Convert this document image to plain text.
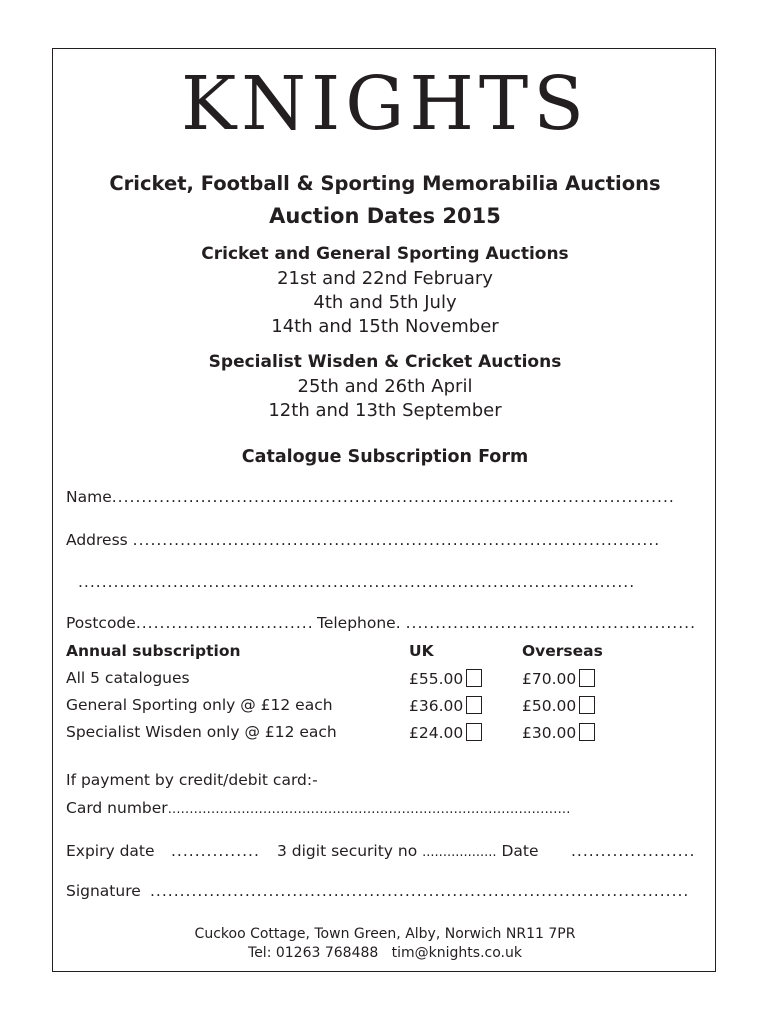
KNIGHTS
Cricket, Football & Sporting Memorabilia Auctions
Auction Dates 2015
Cricket and General Sporting Auctions
21st and 22nd February
4th and 5th July
14th and 15th November
Specialist Wisden & Cricket Auctions
25th and 26th April
12th and 13th September
Catalogue Subscription Form
Name...............................................................................................
Address .........................................................................................
..............................................................................................
Postcode.............................. Telephone. .................................................
Annual subscription	UK	Overseas
All 5 catalogues	£55.00	£70.00
General Sporting only @ £12 each	£36.00	£50.00
Specialist Wisden only @ £12 each	£24.00	£30.00
If payment by credit/debit card:-
Card number.............................................................................................
Expiry date ............... 3 digit security no .................. Date .....................
Signature ...........................................................................................
Cuckoo Cottage, Town Green, Alby, Norwich NR11 7PR
Tel: 01263 768488 tim@knights.co.uk
